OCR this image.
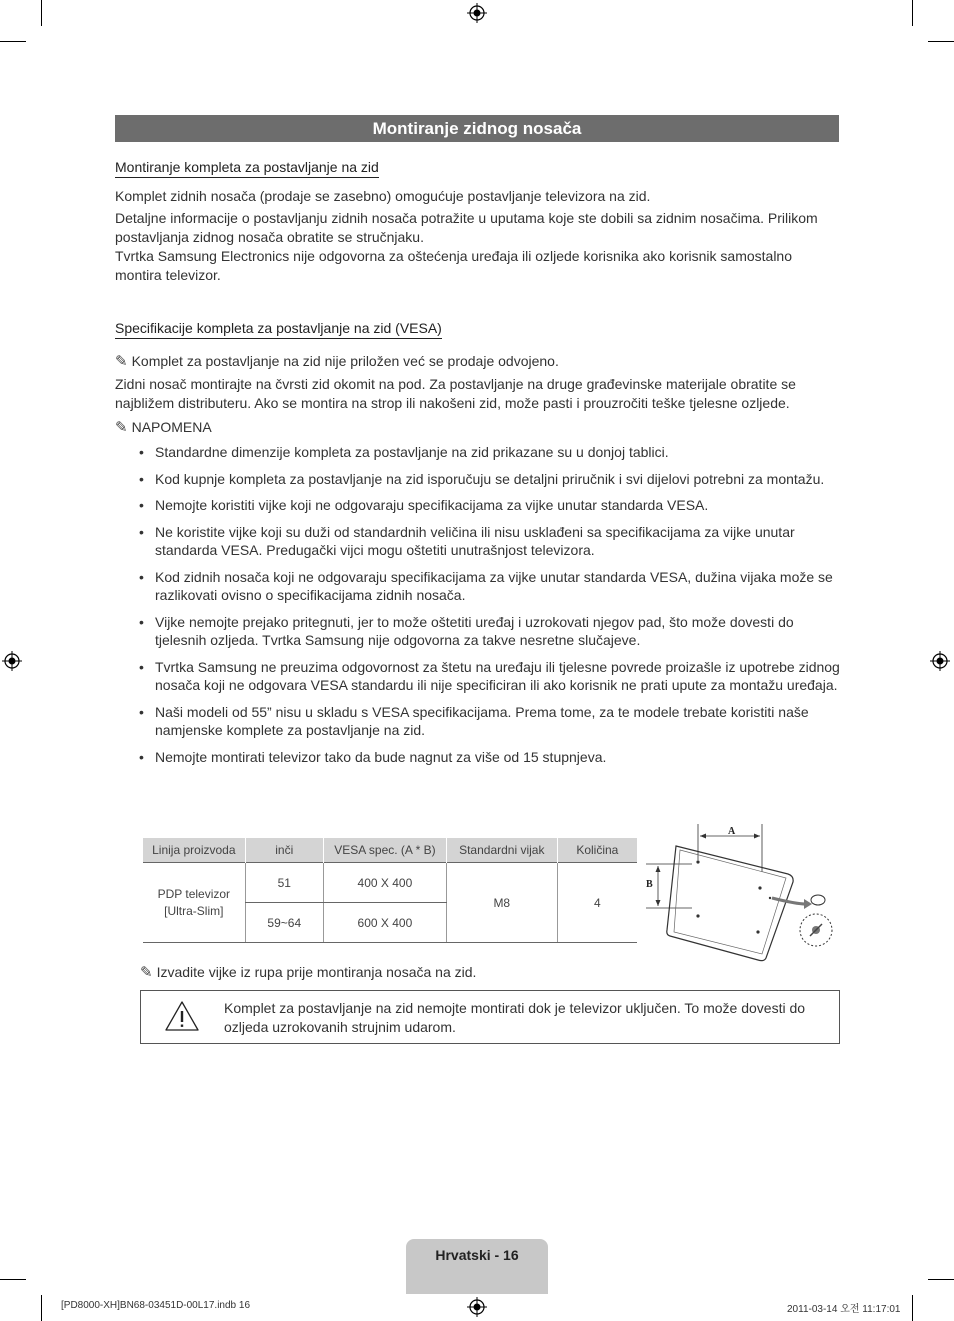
Montiranje zidnog nosača
Montiranje kompleta za postavljanje na zid
Komplet zidnih nosača (prodaje se zasebno) omogućuje postavljanje televizora na zid.
Detaljne informacije o postavljanju zidnih nosača potražite u uputama koje ste dobili sa zidnim nosačima. Prilikom
postavljanja zidnog nosača obratite se stručnjaku.
Tvrtka Samsung Electronics nije odgovorna za oštećenja uređaja ili ozljede korisnika ako korisnik samostalno
montira televizor.
Specifikacije kompleta za postavljanje na zid (VESA)
✎ Komplet za postavljanje na zid nije priložen već se prodaje odvojeno.
Zidni nosač montirajte na čvrsti zid okomit na pod. Za postavljanje na druge građevinske materijale obratite se
najbližem distributeru. Ako se montira na strop ili nakošeni zid, može pasti i prouzročiti teške tjelesne ozljede.
✎ NAPOMENA
• Standardne dimenzije kompleta za postavljanje na zid prikazane su u donjoj tablici.
• Kod kupnje kompleta za postavljanje na zid isporučuju se detaljni priručnik i svi dijelovi potrebni za montažu.
• Nemojte koristiti vijke koji ne odgovaraju specifikacijama za vijke unutar standarda VESA.
• Ne koristite vijke koji su duži od standardnih veličina ili nisu usklađeni sa specifikacijama za vijke unutar standarda VESA. Predugački vijci mogu oštetiti unutrašnjost televizora.
• Kod zidnih nosača koji ne odgovaraju specifikacijama za vijke unutar standarda VESA, dužina vijaka može se razlikovati ovisno o specifikacijama zidnih nosača.
• Vijke nemojte prejako pritegnuti, jer to može oštetiti uređaj i uzrokovati njegov pad, što može dovesti do tjelesnih ozljeda. Tvrtka Samsung nije odgovorna za takve nesretne slučajeve.
• Tvrtka Samsung ne preuzima odgovornost za štetu na uređaju ili tjelesne povrede proizašle iz upotrebe zidnog nosača koji ne odgovara VESA standardu ili nije specificiran ili ako korisnik ne prati upute za montažu uređaja.
• Naši modeli od 55” nisu u skladu s VESA specifikacijama. Prema tome, za te modele trebate koristiti naše namjenske komplete za postavljanje na zid.
• Nemojte montirati televizor tako da bude nagnut za više od 15 stupnjeva.
Linija proizvoda	inči	VESA spec. (A * B)	Standardni vijak	Količina

PDP televizor
[Ultra-Slim]	51	400 X 400	M8	4
	59~64	600 X 400		
A
B
✎ Izvadite vijke iz rupa prije montiranja nosača na zid.
Komplet za postavljanje na zid nemojte montirati dok je televizor uključen. To može dovesti do
ozljeda uzrokovanih strujnim udarom.
Hrvatski - 16
[PD8000-XH]BN68-03451D-00L17.indb 16	2011-03-14 오전 11:17:01
